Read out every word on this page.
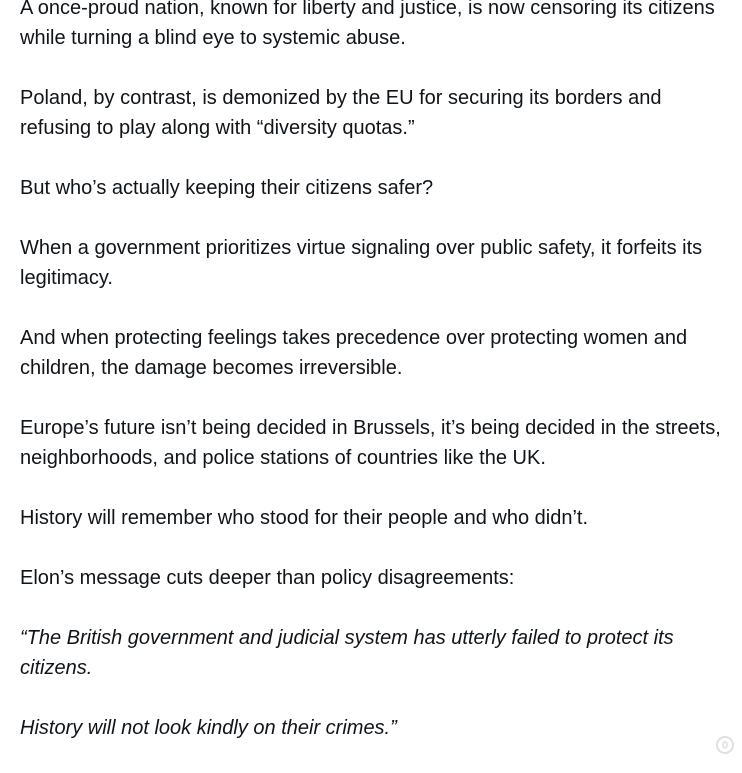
A once-proud nation, known for liberty and justice, is now censoring its citizens while turning a blind eye to systemic abuse.

Poland, by contrast, is demonized by the EU for securing its borders and refusing to play along with “diversity quotas.”

But who’s actually keeping their citizens safer?

When a government prioritizes virtue signaling over public safety, it forfeits its legitimacy.

And when protecting feelings takes precedence over protecting women and children, the damage becomes irreversible.

Europe’s future isn’t being decided in Brussels, it’s being decided in the streets, neighborhoods, and police stations of countries like the UK.

History will remember who stood for their people and who didn’t.

Elon’s message cuts deeper than policy disagreements:

“The British government and judicial system has utterly failed to protect its citizens.

History will not look kindly on their crimes.”
